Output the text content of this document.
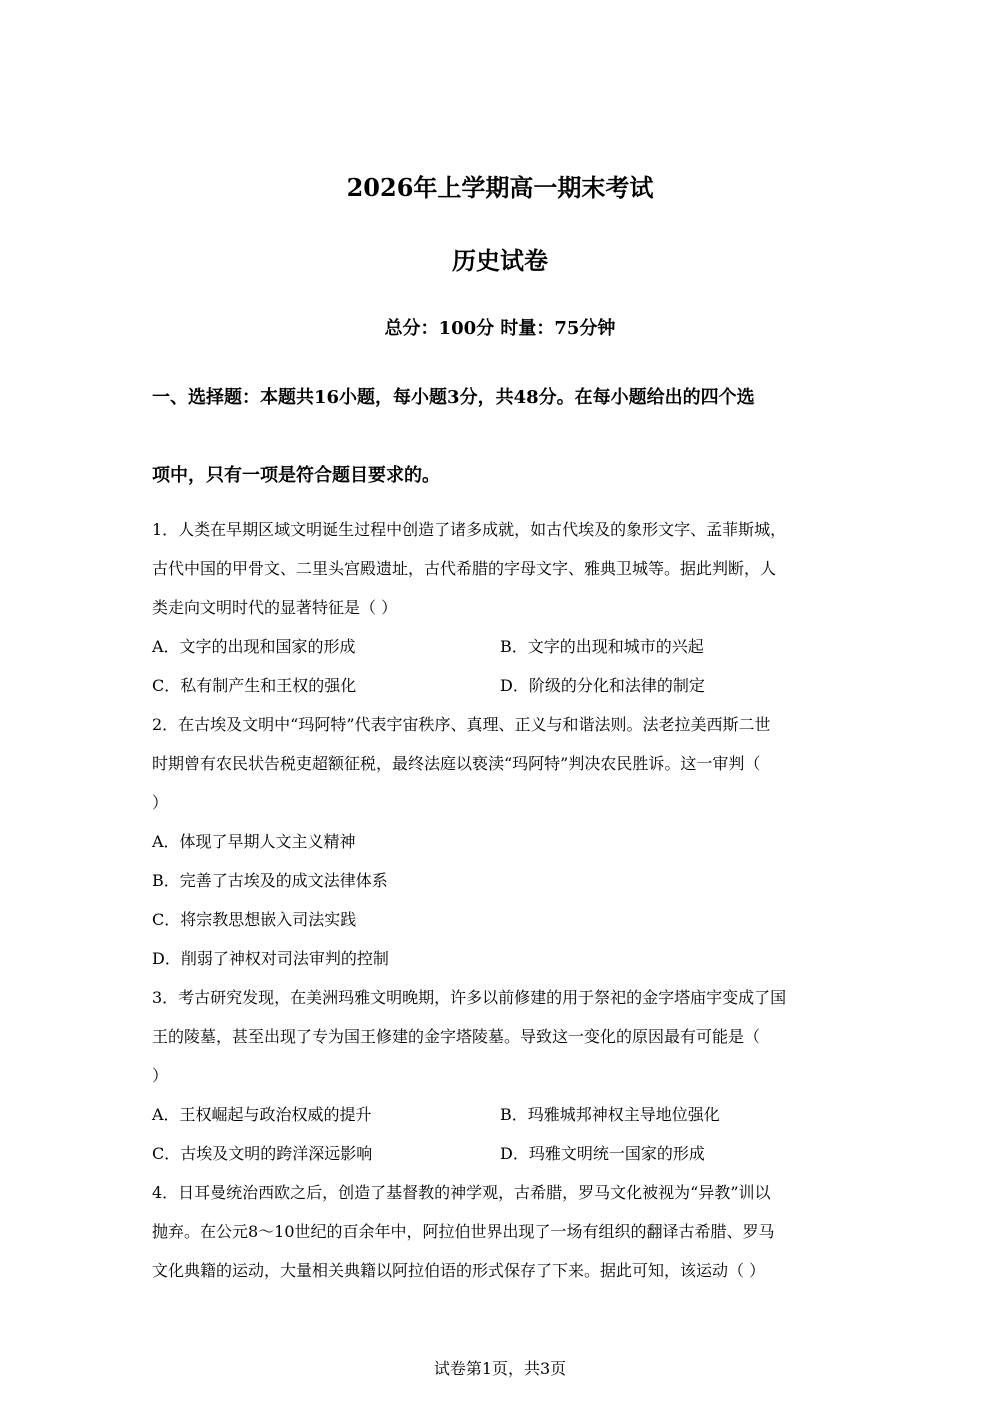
2026年上学期高一期末考试
历史试卷
总分：100分 时量：75分钟
一、选择题：本题共16小题，每小题3分，共48分。在每小题给出的四个选
项中，只有一项是符合题目要求的。
1．人类在早期区域文明诞生过程中创造了诸多成就，如古代埃及的象形文字、孟菲斯城，
古代中国的甲骨文、二里头宫殿遗址，古代希腊的字母文字、雅典卫城等。据此判断，人
类走向文明时代的显著特征是（ ）
A．文字的出现和国家的形成	B．文字的出现和城市的兴起
C．私有制产生和王权的强化	D．阶级的分化和法律的制定
2．在古埃及文明中“玛阿特”代表宇宙秩序、真理、正义与和谐法则。法老拉美西斯二世
时期曾有农民状告税吏超额征税，最终法庭以亵渎“玛阿特”判决农民胜诉。这一审判（
）
A．体现了早期人文主义精神
B．完善了古埃及的成文法律体系
C．将宗教思想嵌入司法实践
D．削弱了神权对司法审判的控制
3．考古研究发现，在美洲玛雅文明晚期，许多以前修建的用于祭祀的金字塔庙宇变成了国
王的陵墓，甚至出现了专为国王修建的金字塔陵墓。导致这一变化的原因最有可能是（
）
A．王权崛起与政治权威的提升	B．玛雅城邦神权主导地位强化
C．古埃及文明的跨洋深远影响	D．玛雅文明统一国家的形成
4．日耳曼统治西欧之后，创造了基督教的神学观，古希腊，罗马文化被视为“异教”训以
抛弃。在公元8～10世纪的百余年中，阿拉伯世界出现了一场有组织的翻译古希腊、罗马
文化典籍的运动，大量相关典籍以阿拉伯语的形式保存了下来。据此可知，该运动（ ）
试卷第1页，共3页
